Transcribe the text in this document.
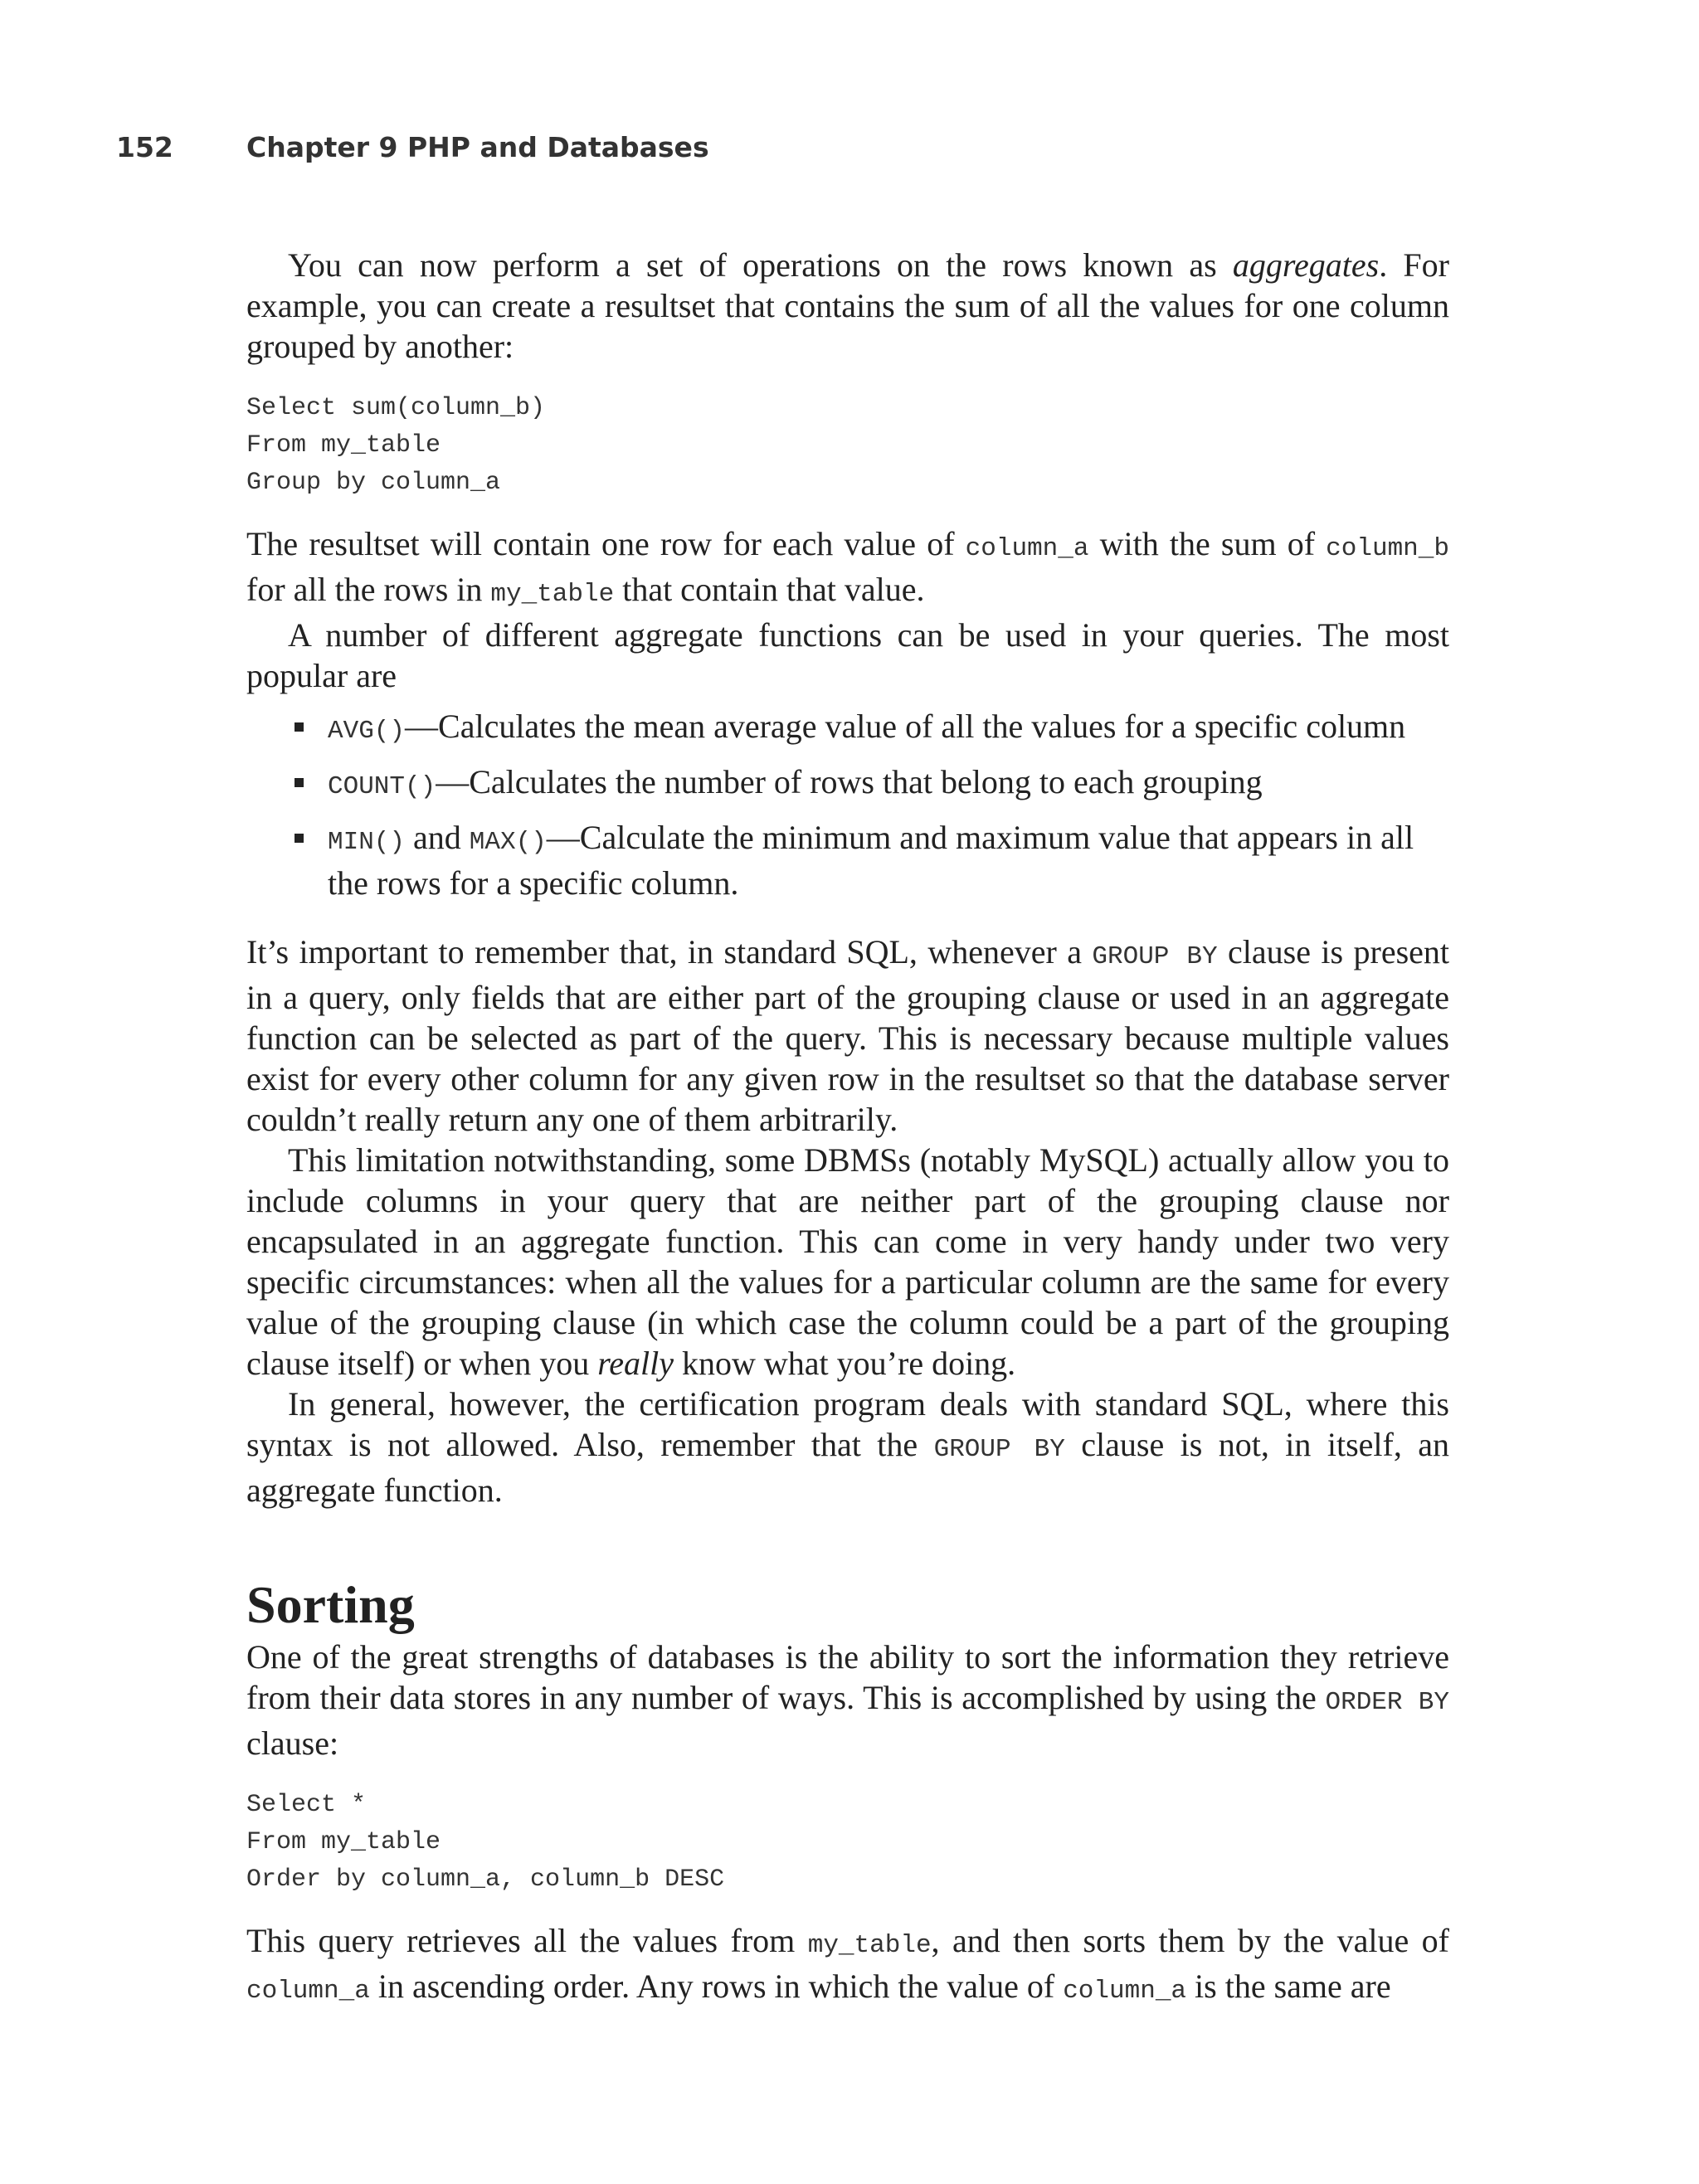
152	Chapter 9 PHP and Databases

You can now perform a set of operations on the rows known as aggregates. For example, you can create a resultset that contains the sum of all the values for one column grouped by another:

Select sum(column_b)
From my_table
Group by column_a

The resultset will contain one row for each value of column_a with the sum of column_b for all the rows in my_table that contain that value.

A number of different aggregate functions can be used in your queries. The most popular are

AVG()—Calculates the mean average value of all the values for a specific column
COUNT()—Calculates the number of rows that belong to each grouping
MIN() and MAX()—Calculate the minimum and maximum value that appears in all the rows for a specific column.

It’s important to remember that, in standard SQL, whenever a GROUP BY clause is present in a query, only fields that are either part of the grouping clause or used in an aggregate function can be selected as part of the query. This is necessary because multiple values exist for every other column for any given row in the resultset so that the database server couldn’t really return any one of them arbitrarily.

This limitation notwithstanding, some DBMSs (notably MySQL) actually allow you to include columns in your query that are neither part of the grouping clause nor encapsulated in an aggregate function. This can come in very handy under two very specific circumstances: when all the values for a particular column are the same for every value of the grouping clause (in which case the column could be a part of the grouping clause itself) or when you really know what you’re doing.

In general, however, the certification program deals with standard SQL, where this syntax is not allowed. Also, remember that the GROUP BY clause is not, in itself, an aggregate function.

Sorting

One of the great strengths of databases is the ability to sort the information they retrieve from their data stores in any number of ways. This is accomplished by using the ORDER BY clause:

Select *
From my_table
Order by column_a, column_b DESC

This query retrieves all the values from my_table, and then sorts them by the value of column_a in ascending order. Any rows in which the value of column_a is the same are
